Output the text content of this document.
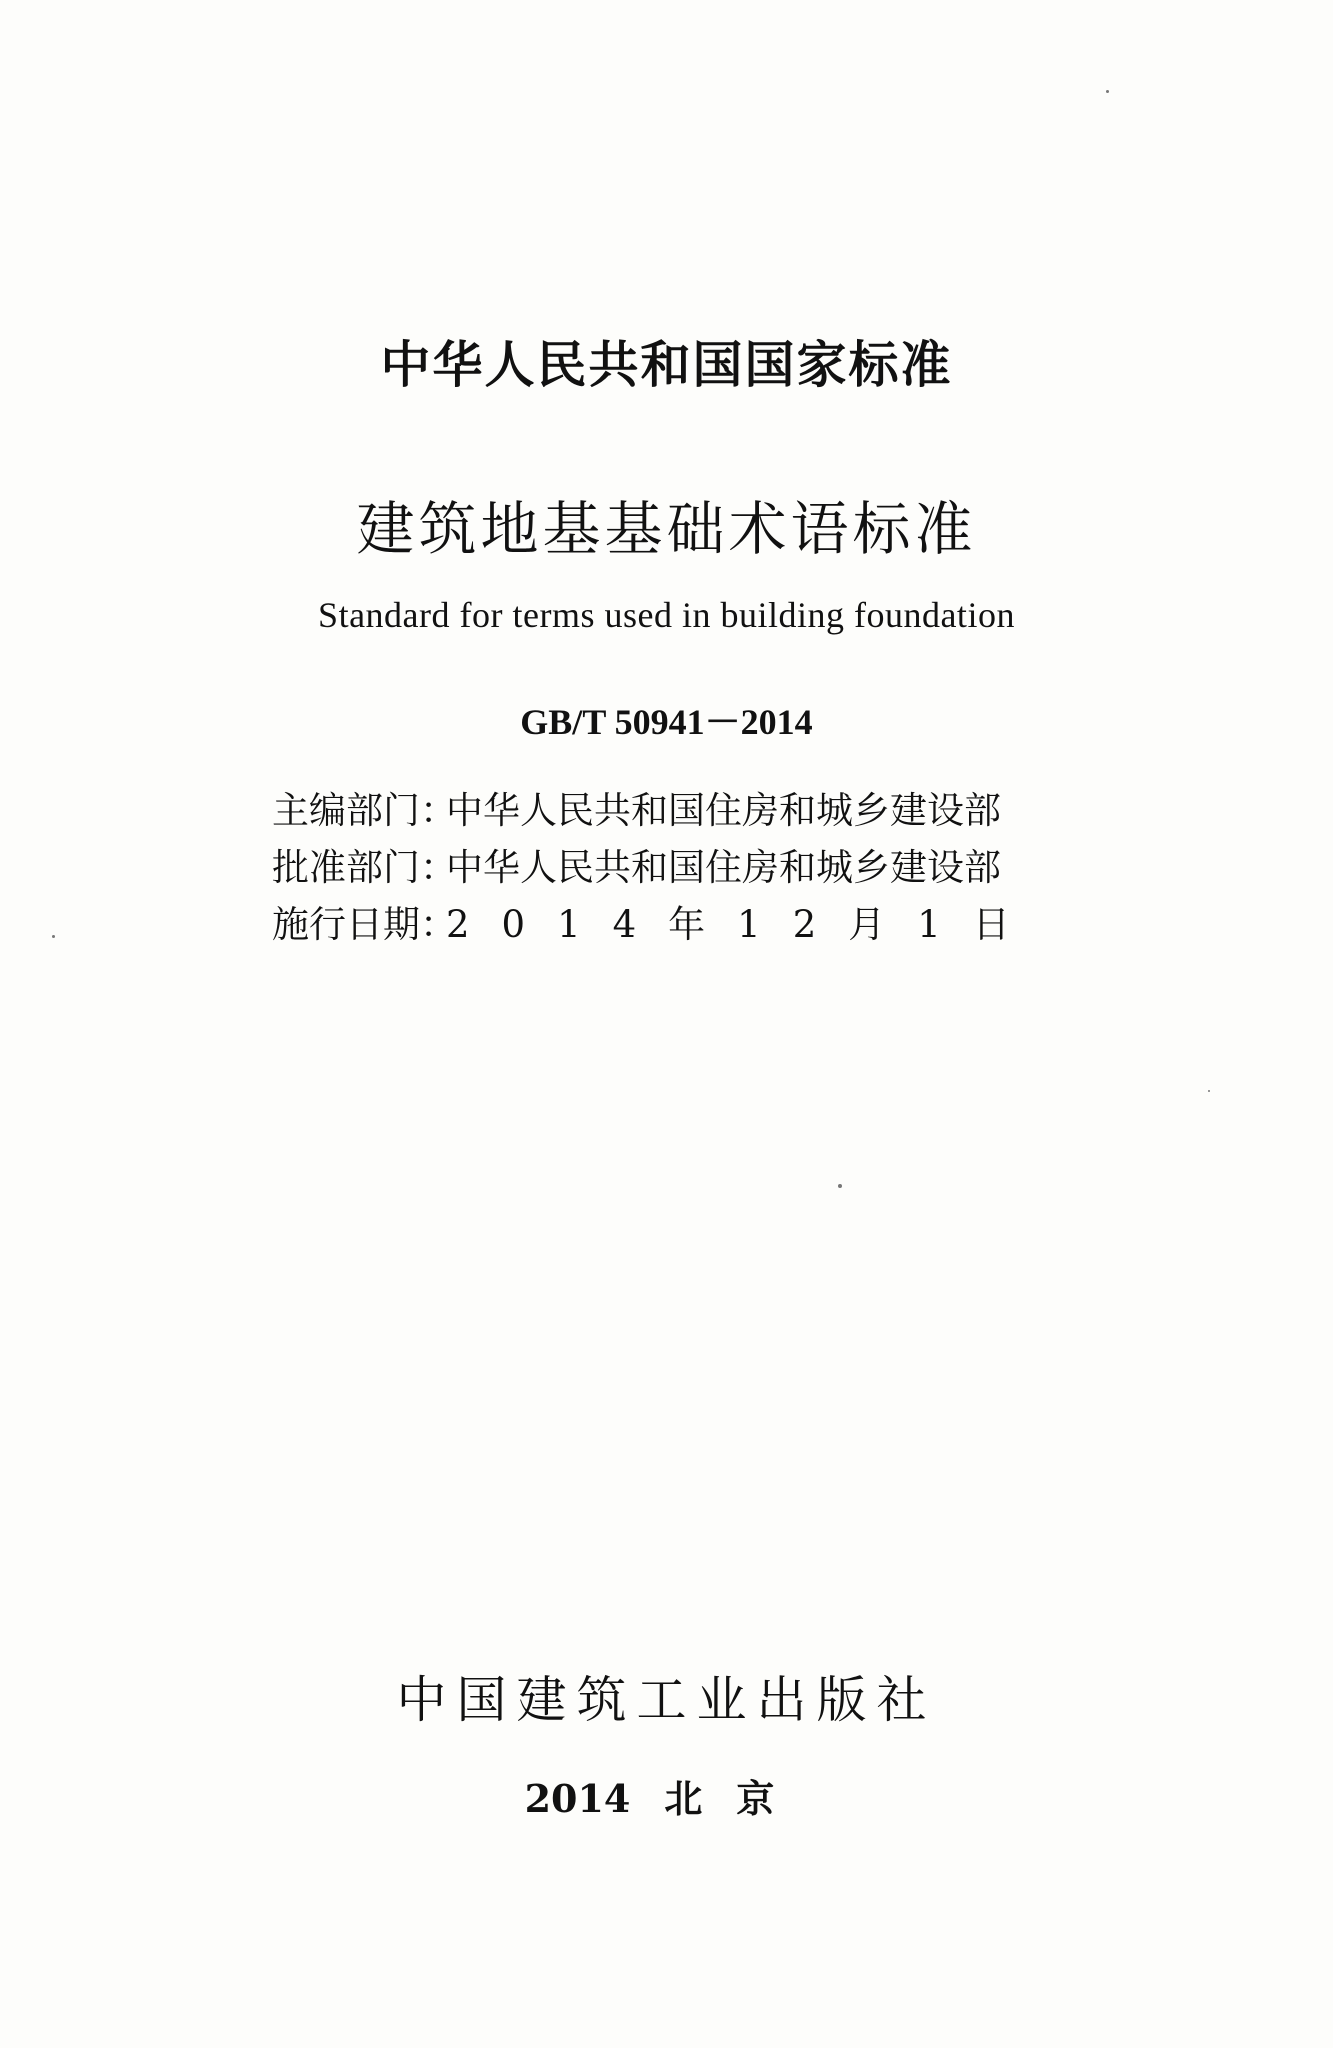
中华人民共和国国家标准
建筑地基基础术语标准
Standard for terms used in building foundation
GB/T 50941－2014
主编部门 ：
中华人民共和国住房和城乡建设部
批准部门 ：
中华人民共和国住房和城乡建设部
施行日期 ：
2014年12月1日
中国建筑工业出版社
2014 北京
